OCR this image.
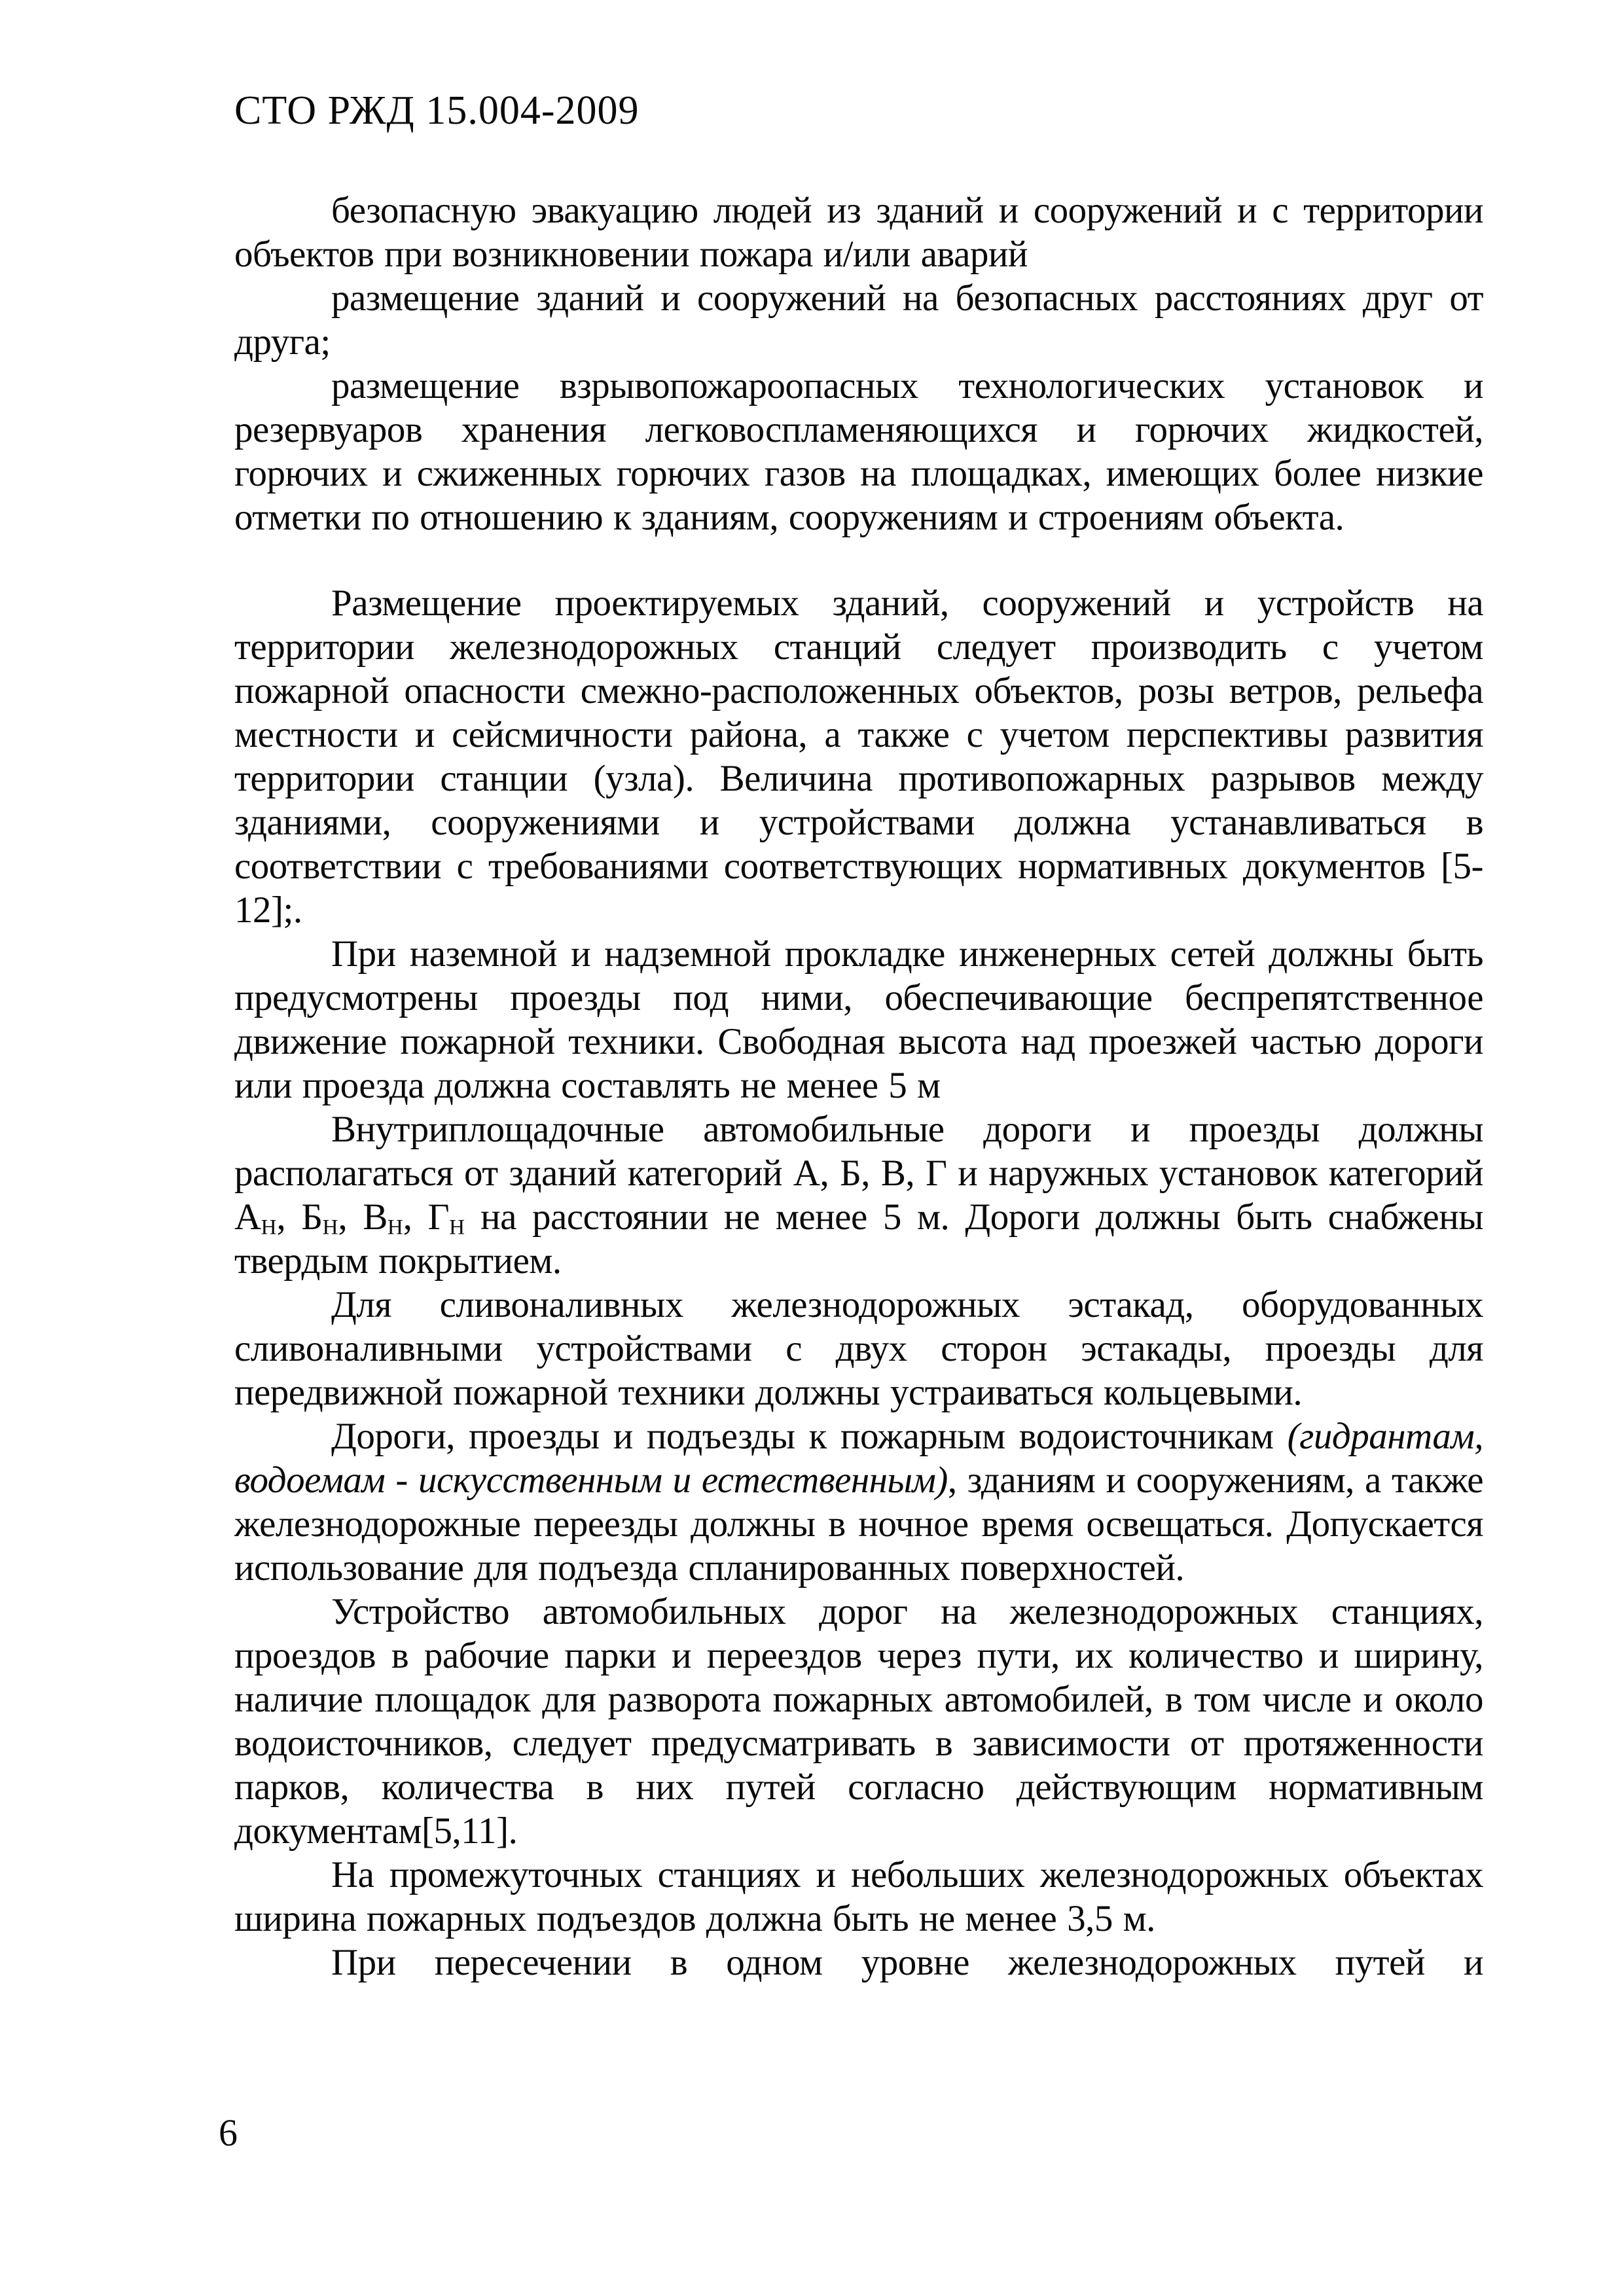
СТО РЖД 15.004-2009

безопасную эвакуацию людей из зданий и сооружений и с территории объектов при возникновении пожара и/или аварий

размещение зданий и сооружений на безопасных расстояниях друг от друга;

размещение взрывопожароопасных технологических установок и резервуаров хранения легковоспламеняющихся и горючих жидкостей, горючих и сжиженных горючих газов на площадках, имеющих более низкие отметки по отношению к зданиям, сооружениям и строениям объекта.

Размещение проектируемых зданий, сооружений и устройств на территории железнодорожных станций следует производить с учетом пожарной опасности смежно-расположенных объектов, розы ветров, рельефа местности и сейсмичности района, а также с учетом перспективы развития территории станции (узла). Величина противопожарных разрывов между зданиями, сооружениями и устройствами должна устанавливаться в соответствии с требованиями соответствующих нормативных документов [5-12];.

При наземной и надземной прокладке инженерных сетей должны быть предусмотрены проезды под ними, обеспечивающие беспрепятственное движение пожарной техники. Свободная высота над проезжей частью дороги или проезда должна составлять не менее 5 м

Внутриплощадочные автомобильные дороги и проезды должны располагаться от зданий категорий А, Б, В, Г и наружных установок категорий $А_Н$, $Б_Н$, $В_Н$, $Г_Н$ на расстоянии не менее 5 м. Дороги должны быть снабжены твердым покрытием.

Для сливоналивных железнодорожных эстакад, оборудованных сливоналивными устройствами с двух сторон эстакады, проезды для передвижной пожарной техники должны устраиваться кольцевыми.

Дороги, проезды и подъезды к пожарным водоисточникам (гидрантам, водоемам - искусственным и естественным), зданиям и сооружениям, а также железнодорожные переезды должны в ночное время освещаться. Допускается использование для подъезда спланированных поверхностей.

Устройство автомобильных дорог на железнодорожных станциях, проездов в рабочие парки и переездов через пути, их количество и ширину, наличие площадок для разворота пожарных автомобилей, в том числе и около водоисточников, следует предусматривать в зависимости от протяженности парков, количества в них путей согласно действующим нормативным документам[5,11].

На промежуточных станциях и небольших железнодорожных объектах ширина пожарных подъездов должна быть не менее 3,5 м.

При пересечении в одном уровне железнодорожных путей и

6
